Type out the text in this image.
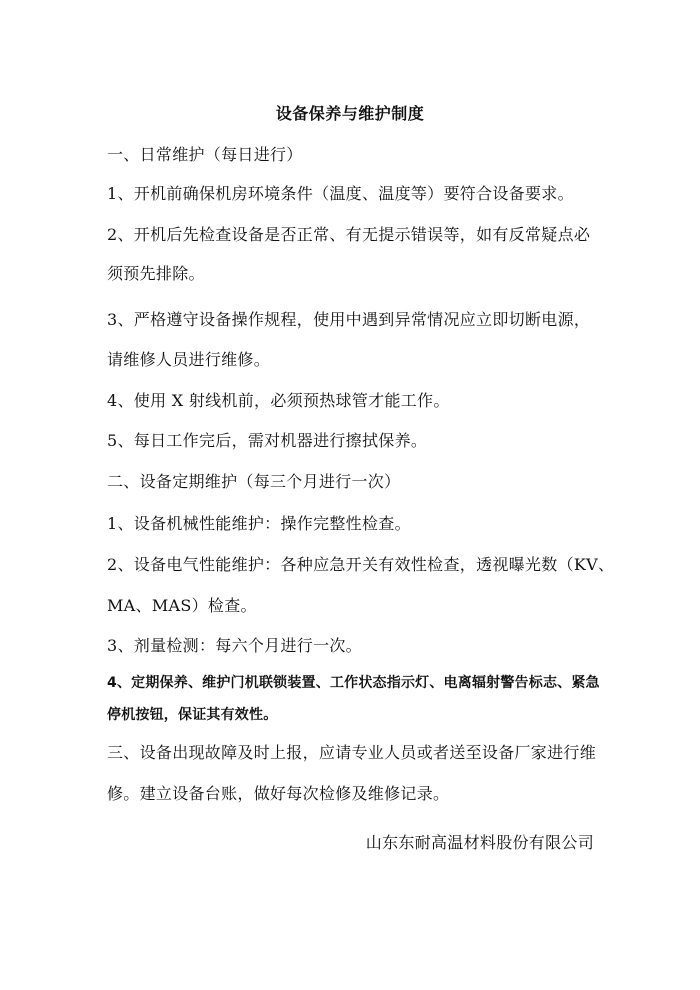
设备保养与维护制度
一、日常维护（每日进行）
1、开机前确保机房环境条件（温度、温度等）要符合设备要求。
2、开机后先检查设备是否正常、有无提示错误等，如有反常疑点必
须预先排除。
3、严格遵守设备操作规程，使用中遇到异常情况应立即切断电源，
请维修人员进行维修。
4、使用 X 射线机前，必须预热球管才能工作。
5、每日工作完后，需对机器进行擦拭保养。
二、设备定期维护（每三个月进行一次）
1、设备机械性能维护：操作完整性检查。
2、设备电气性能维护：各种应急开关有效性检查，透视曝光数（KV、
MA、MAS）检查。
3、剂量检测：每六个月进行一次。
4、定期保养、维护门机联锁装置、工作状态指示灯、电离辐射警告标志、紧急
停机按钮，保证其有效性。
三、设备出现故障及时上报，应请专业人员或者送至设备厂家进行维
修。建立设备台账，做好每次检修及维修记录。
山东东耐高温材料股份有限公司
